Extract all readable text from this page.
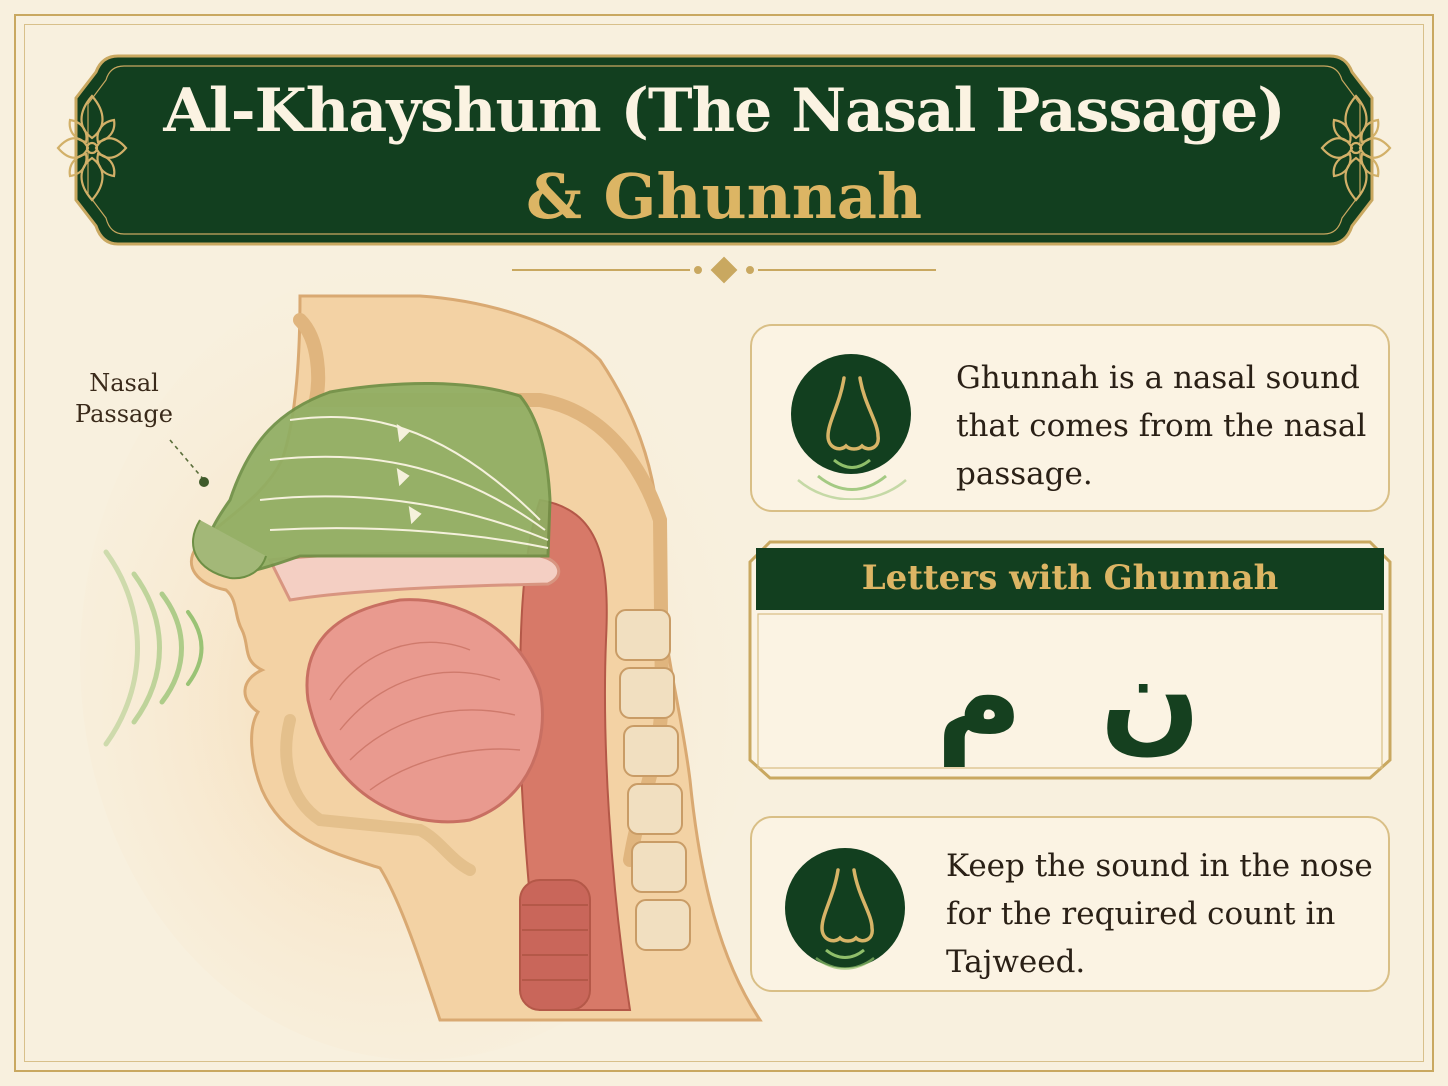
Al-Khayshum (The Nasal Passage)
& Ghunnah
Nasal
Passage
Ghunnah is a nasal sound that comes from the nasal passage.
Letters with Ghunnah
م ن
Keep the sound in the nose for the required count in Tajweed.
